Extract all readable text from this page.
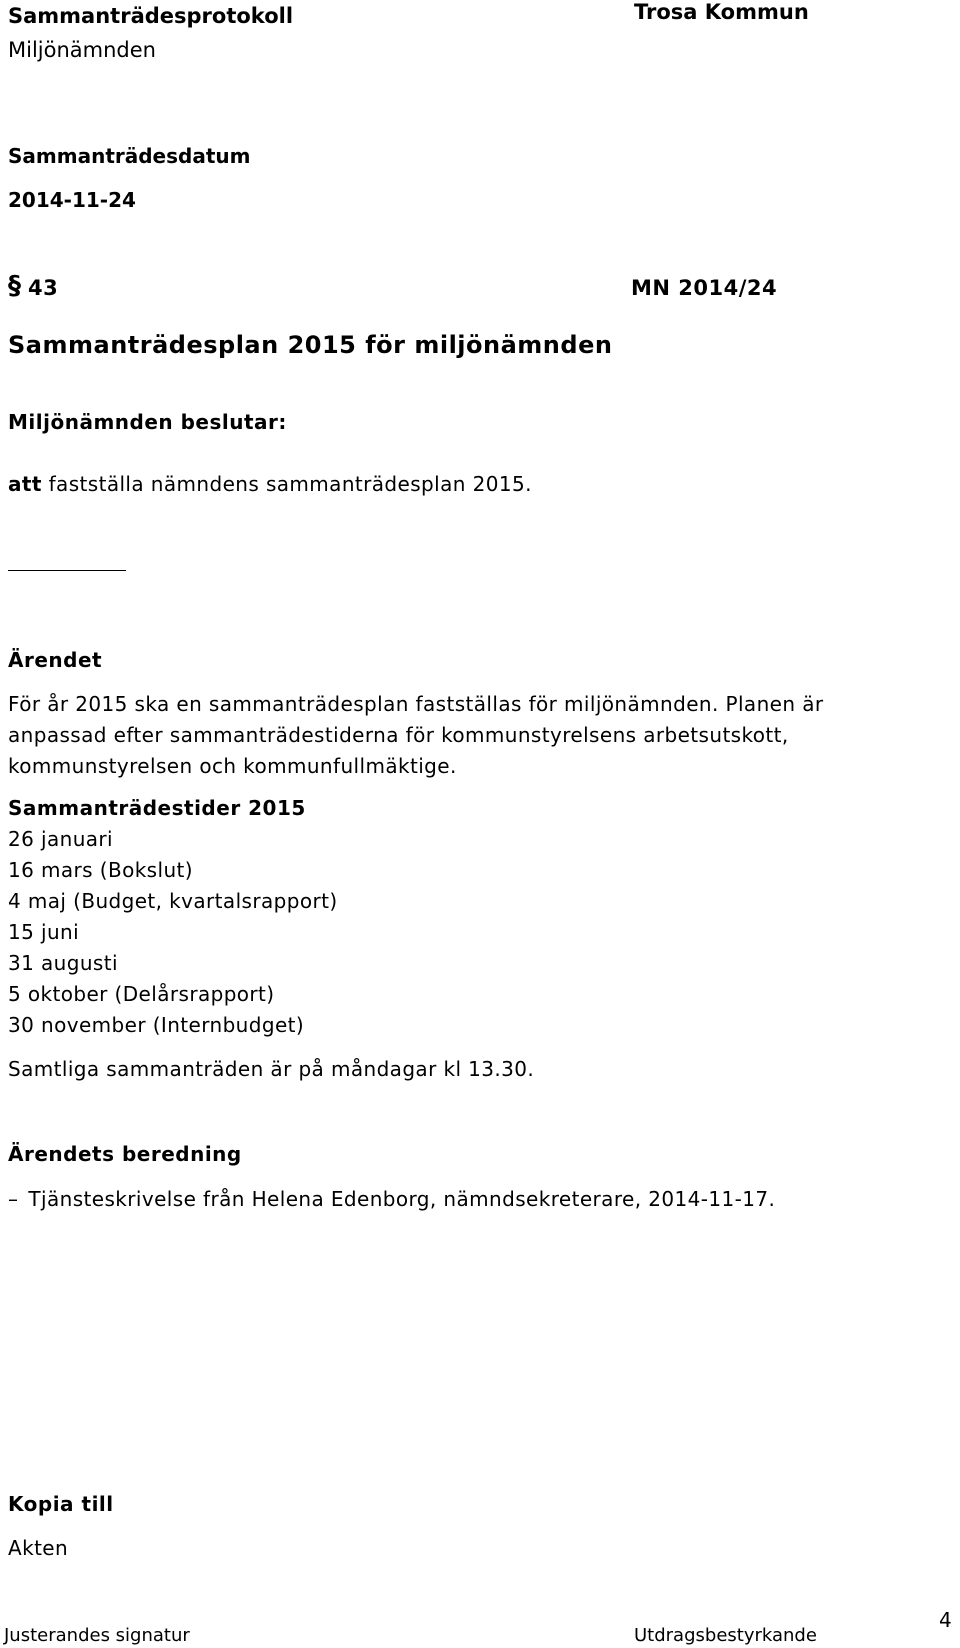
Sammanträdesprotokoll
Miljönämnden
Trosa Kommun
Sammanträdesdatum
2014-11-24
§ 43	MN 2014/24
Sammanträdesplan 2015 för miljönämnden
Miljönämnden beslutar:
att fastställa nämndens sammanträdesplan 2015.
Ärendet
För år 2015 ska en sammanträdesplan fastställas för miljönämnden. Planen är
anpassad efter sammanträdestiderna för kommunstyrelsens arbetsutskott,
kommunstyrelsen och kommunfullmäktige.
Sammanträdestider 2015
26 januari
16 mars (Bokslut)
4 maj (Budget, kvartalsrapport)
15 juni
31 augusti
5 oktober (Delårsrapport)
30 november (Internbudget)
Samtliga sammanträden är på måndagar kl 13.30.
Ärendets beredning
– Tjänsteskrivelse från Helena Edenborg, nämndsekreterare, 2014-11-17.
Kopia till
Akten
4
Justerandes signatur	Utdragsbestyrkande
